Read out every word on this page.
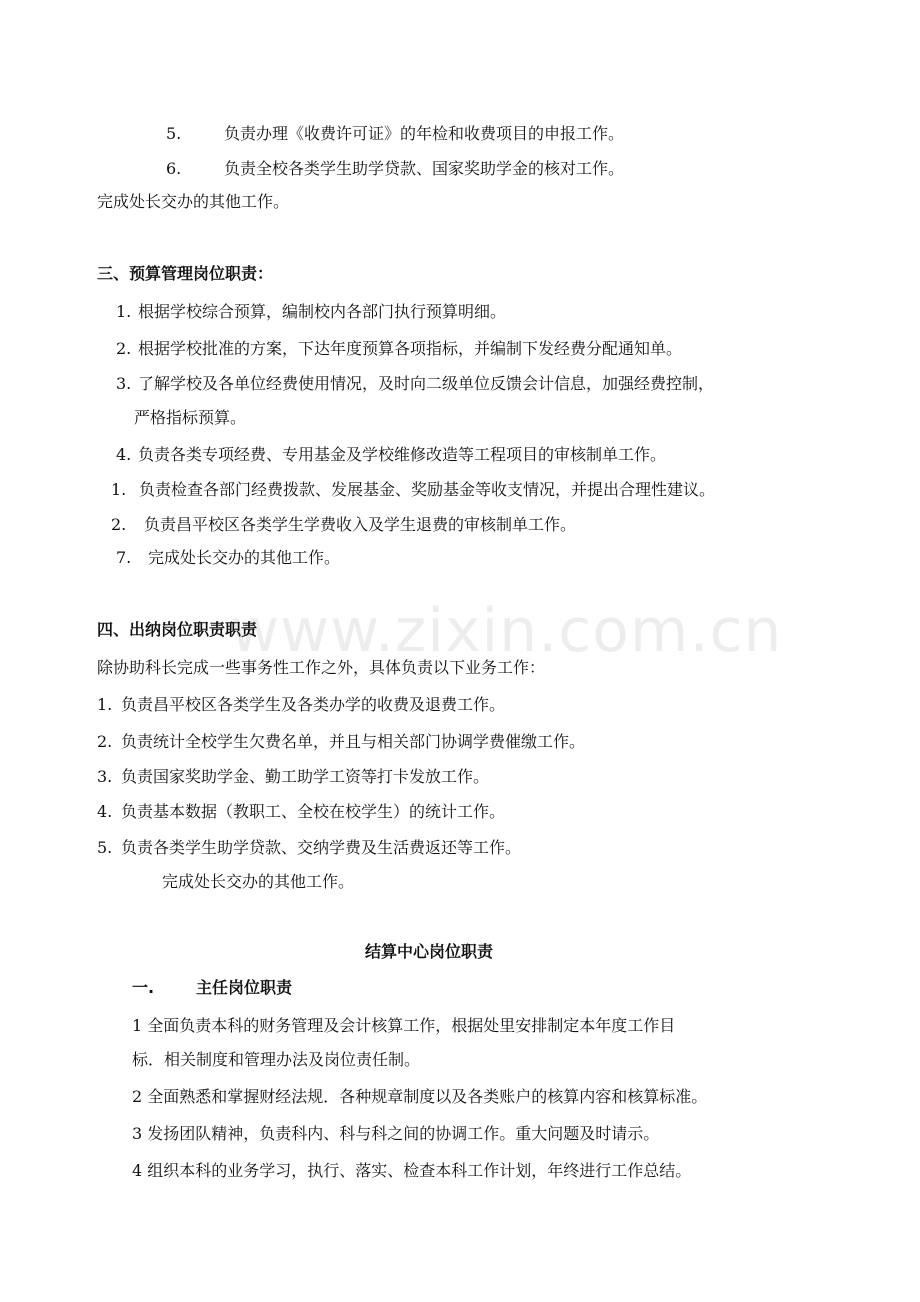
www.zixin.com.cn
5.	负责办理《收费许可证》的年检和收费项目的申报工作。
6.	负责全校各类学生助学贷款、国家奖助学金的核对工作。
完成处长交办的其他工作。
三、预算管理岗位职责：
1. 根据学校综合预算，编制校内各部门执行预算明细。
2. 根据学校批准的方案，下达年度预算各项指标，并编制下发经费分配通知单。
3. 了解学校及各单位经费使用情况，及时向二级单位反馈会计信息，加强经费控制，
严格指标预算。
4. 负责各类专项经费、专用基金及学校维修改造等工程项目的审核制单工作。
1. 负责检查各部门经费拨款、发展基金、奖励基金等收支情况，并提出合理性建议。
2. 负责昌平校区各类学生学费收入及学生退费的审核制单工作。
7. 完成处长交办的其他工作。
四、出纳岗位职责职责
除协助科长完成一些事务性工作之外，具体负责以下业务工作：
1. 负责昌平校区各类学生及各类办学的收费及退费工作。
2. 负责统计全校学生欠费名单，并且与相关部门协调学费催缴工作。
3. 负责国家奖助学金、勤工助学工资等打卡发放工作。
4. 负责基本数据（教职工、全校在校学生）的统计工作。
5. 负责各类学生助学贷款、交纳学费及生活费返还等工作。
完成处长交办的其他工作。
结算中心岗位职责
一.	主任岗位职责
1 全面负责本科的财务管理及会计核算工作，根据处里安排制定本年度工作目
标．相关制度和管理办法及岗位责任制。
2 全面熟悉和掌握财经法规．各种规章制度以及各类账户的核算内容和核算标准。
3 发扬团队精神，负责科内、科与科之间的协调工作。重大问题及时请示。
4 组织本科的业务学习，执行、落实、检查本科工作计划，年终进行工作总结。
